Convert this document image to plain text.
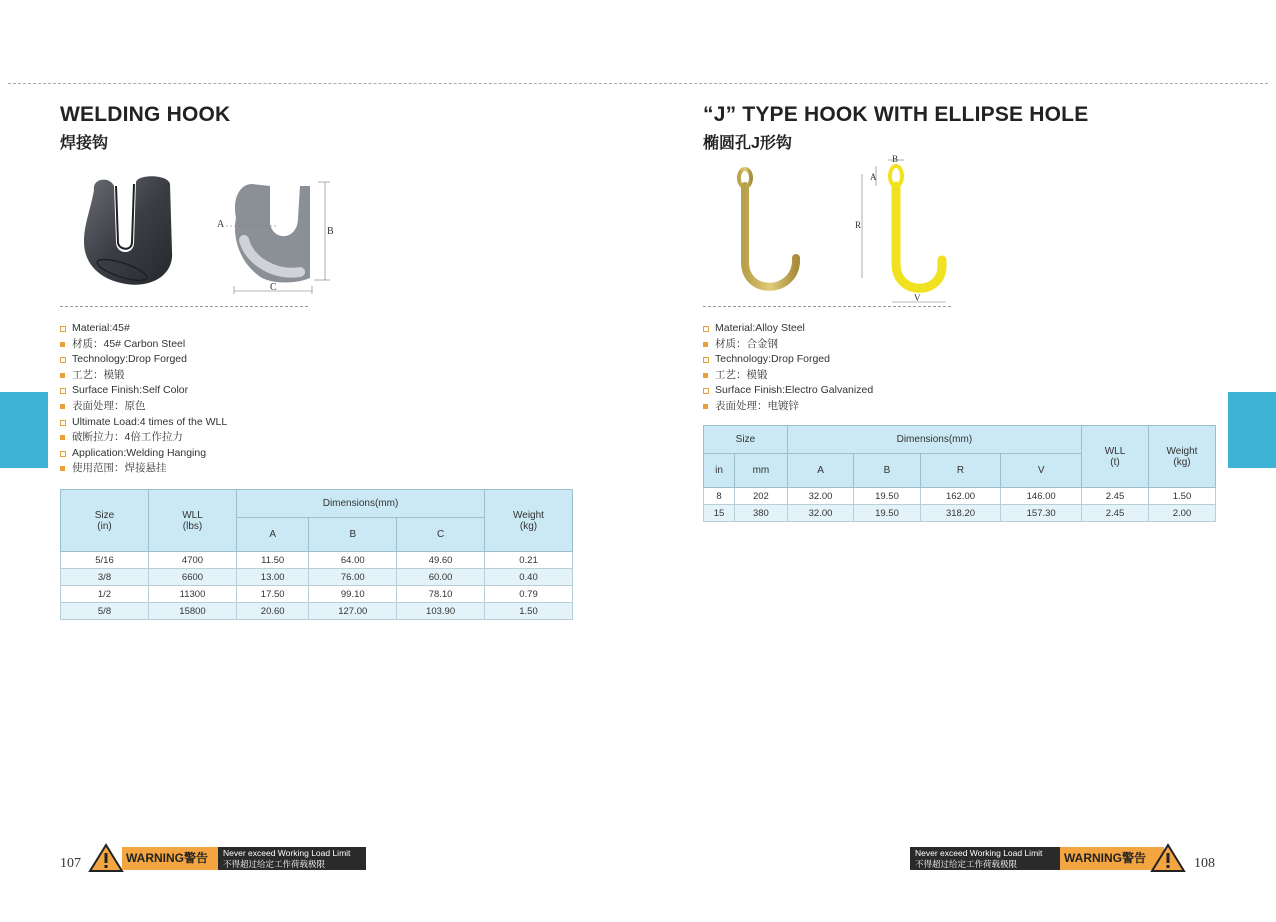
WELDING HOOK
焊接钩
A
B
C
Material:45#
材质：45# Carbon Steel
Technology:Drop Forged
工艺：模锻
Surface Finish:Self Color
表面处理：原色
Ultimate Load:4 times of the WLL
破断拉力：4倍工作拉力
Application:Welding Hanging
使用范围：焊接悬挂
Size
(in)	WLL
(lbs)	Dimensions(mm)			Weight
(kg)
		A	B	C	
5/16	4700	11.50	64.00	49.60	0.21
3/8	6600	13.00	76.00	60.00	0.40
1/2	11300	17.50	99.10	78.10	0.79
5/8	15800	20.60	127.00	103.90	1.50
107	WARNING警告	Never exceed Working Load Limit
不得超过给定工作荷载极限
“J” TYPE HOOK WITH ELLIPSE HOLE
椭圆孔J形钩
B
A
R
V
Material:Alloy Steel
材质：合金钢
Technology:Drop Forged
工艺：模锻
Surface Finish:Electro Galvanized
表面处理：电镀锌
Size		Dimensions(mm)				WLL
(t)	Weight
(kg)
in	mm	A	B	R	V		
8	202	32.00	19.50	162.00	146.00	2.45	1.50
15	380	32.00	19.50	318.20	157.30	2.45	2.00
Never exceed Working Load Limit
不得超过给定工作荷载极限	WARNING警告	108
